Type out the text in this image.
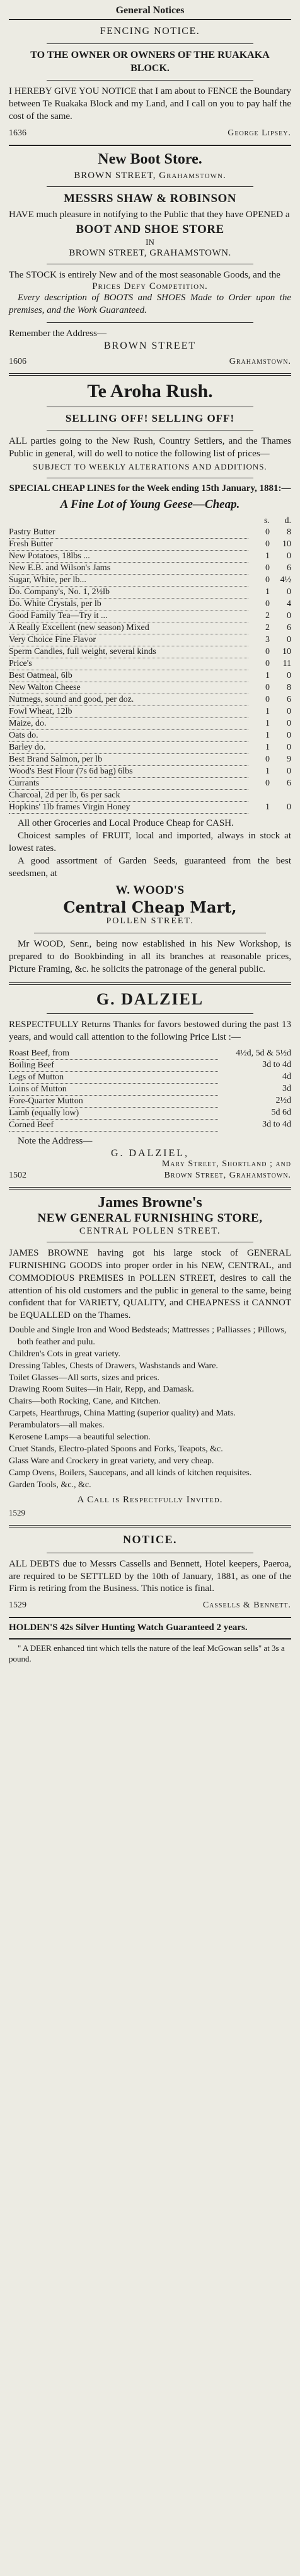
General Notices
FENCING NOTICE.
TO THE OWNER OR OWNERS OF THE RUAKAKA BLOCK.
I HEREBY GIVE YOU NOTICE that I am about to FENCE the Boundary between Te Ruakaka Block and my Land, and I call on you to pay half the cost of the same.
1636	George Lipsey.
New Boot Store.
BROWN STREET, Grahamstown.
MESSRS SHAW & ROBINSON
HAVE much pleasure in notifying to the Public that they have OPENED a
BOOT AND SHOE STORE
IN
BROWN STREET, GRAHAMSTOWN.
The STOCK is entirely New and of the most seasonable Goods, and the
Prices Defy Competition.
Every description of BOOTS and SHOES Made to Order upon the premises, and the Work Guaranteed.
Remember the Address—
BROWN STREET
1606	Grahamstown.
Te Aroha Rush.
SELLING OFF! SELLING OFF!
ALL parties going to the New Rush, Country Settlers, and the Thames Public in general, will do well to notice the following list of prices—
SUBJECT TO WEEKLY ALTERATIONS AND ADDITIONS.
SPECIAL CHEAP LINES for the Week ending 15th January, 1881:—
A Fine Lot of Young Geese—Cheap.
	s.	d.
Pastry Butter	0	8
Fresh Butter	0	10
New Potatoes, 18lbs ...	1	0
New E.B. and Wilson's Jams	0	6
Sugar, White, per lb...	0	4½
Do. Company's, No. 1, 2½lb	1	0
Do. White Crystals, per lb	0	4
Good Family Tea—Try it ...	2	0
A Really Excellent (new season) Mixed	2	6
Very Choice Fine Flavor	3	0
Sperm Candles, full weight, several kinds	0	10
Price's	0	11
Best Oatmeal, 6lb	1	0
New Walton Cheese	0	8
Nutmegs, sound and good, per doz.	0	6
Fowl Wheat, 12lb	1	0
Maize, do.	1	0
Oats do.	1	0
Barley do.	1	0
Best Brand Salmon, per lb	0	9
Wood's Best Flour (7s 6d bag) 6lbs	1	0
Currants	0	6
Charcoal, 2d per lb, 6s per sack		
Hopkins' 1lb frames Virgin Honey	1	0
All other Groceries and Local Produce Cheap for CASH.
Choicest samples of FRUIT, local and imported, always in stock at lowest rates.
A good assortment of Garden Seeds, guaranteed from the best seedsmen, at
W. WOOD'S
Central Cheap Mart,
POLLEN STREET.
Mr WOOD, Senr., being now established in his New Workshop, is prepared to do Bookbinding in all its branches at reasonable prices, Picture Framing, &c. he solicits the patronage of the general public.
G. DALZIEL
RESPECTFULLY Returns Thanks for favors bestowed during the past 13 years, and would call attention to the following Price List :—
Roast Beef, from	4½d, 5d & 5½d
Boiling Beef	3d to 4d
Legs of Mutton	4d
Loins of Mutton	3d
Fore-Quarter Mutton	2½d
Lamb (equally low)	5d 6d
Corned Beef	3d to 4d
Note the Address—
G. DALZIEL,
Mary Street, Shortland ; and
1502	Brown Street, Grahamstown.
James Browne's
NEW GENERAL FURNISHING STORE,
CENTRAL POLLEN STREET.
JAMES BROWNE having got his large stock of GENERAL FURNISHING GOODS into proper order in his NEW, CENTRAL, and COMMODIOUS PREMISES in POLLEN STREET, desires to call the attention of his old customers and the public in general to the same, being confident that for VARIETY, QUALITY, and CHEAPNESS it CANNOT be EQUALLED on the Thames.
Double and Single Iron and Wood Bedsteads; Mattresses ; Palliasses ; Pillows, both feather and pulu.
Children's Cots in great variety.
Dressing Tables, Chests of Drawers, Washstands and Ware.
Toilet Glasses—All sorts, sizes and prices.
Drawing Room Suites—in Hair, Repp, and Damask.
Chairs—both Rocking, Cane, and Kitchen.
Carpets, Hearthrugs, China Matting (superior quality) and Mats.
Perambulators—all makes.
Kerosene Lamps—a beautiful selection.
Cruet Stands, Electro-plated Spoons and Forks, Teapots, &c.
Glass Ware and Crockery in great variety, and very cheap.
Camp Ovens, Boilers, Saucepans, and all kinds of kitchen requisites.
Garden Tools, &c., &c.
A Call is Respectfully Invited.
1529
NOTICE.
ALL DEBTS due to Messrs Cassells and Bennett, Hotel keepers, Paeroa, are required to be SETTLED by the 10th of January, 1881, as one of the Firm is retiring from the Business. This notice is final.
1529	Cassells & Bennett.
HOLDEN'S 42s Silver Hunting Watch Guaranteed 2 years.
" A DEER enhanced tint which tells the nature of the leaf McGowan sells" at 3s a pound.
